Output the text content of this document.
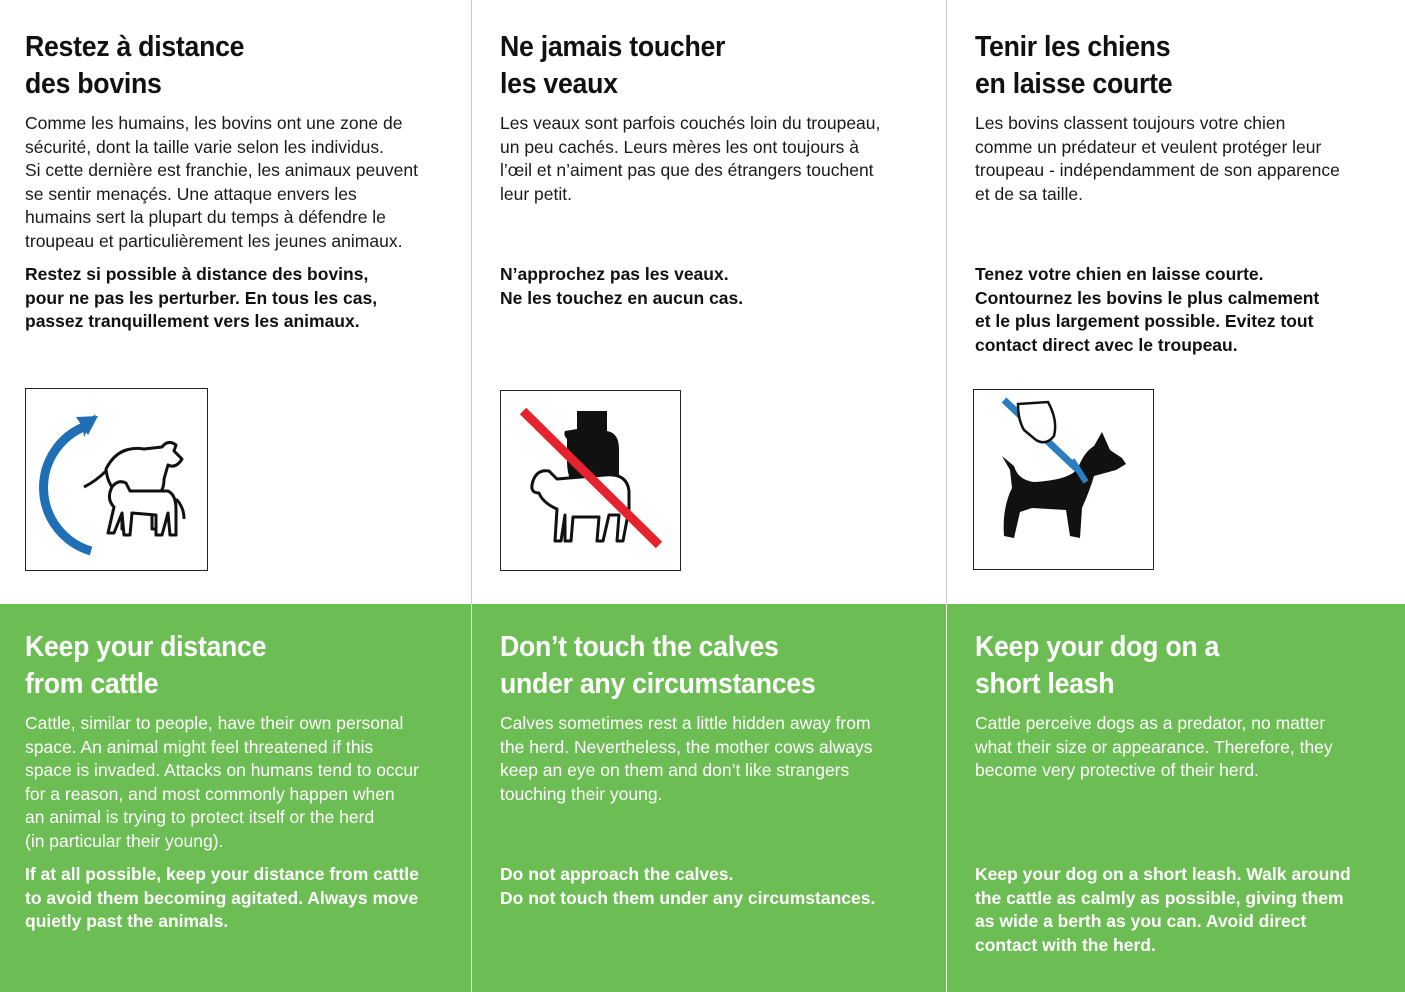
Restez à distance
des bovins
Comme les humains, les bovins ont une zone de
sécurité, dont la taille varie selon les individus.
Si cette dernière est franchie, les animaux peuvent
se sentir menaçés. Une attaque envers les
humains sert la plupart du temps à défendre le
troupeau et particulièrement les jeunes animaux.
Restez si possible à distance des bovins,
pour ne pas les perturber. En tous les cas,
passez tranquillement vers les animaux.
Ne jamais toucher
les veaux
Les veaux sont parfois couchés loin du troupeau,
un peu cachés. Leurs mères les ont toujours à
l’œil et n’aiment pas que des étrangers touchent
leur petit.
N’approchez pas les veaux.
Ne les touchez en aucun cas.
Tenir les chiens
en laisse courte
Les bovins classent toujours votre chien
comme un prédateur et veulent protéger leur
troupeau - indépendamment de son apparence
et de sa taille.
Tenez votre chien en laisse courte.
Contournez les bovins le plus calmement
et le plus largement possible. Evitez tout
contact direct avec le troupeau.
Keep your distance
from cattle
Cattle, similar to people, have their own personal
space. An animal might feel threatened if this
space is invaded. Attacks on humans tend to occur
for a reason, and most commonly happen when
an animal is trying to protect itself or the herd
(in particular their young).
If at all possible, keep your distance from cattle
to avoid them becoming agitated. Always move
quietly past the animals.
Don’t touch the calves
under any circumstances
Calves sometimes rest a little hidden away from
the herd. Nevertheless, the mother cows always
keep an eye on them and don’t like strangers
touching their young.
Do not approach the calves.
Do not touch them under any circumstances.
Keep your dog on a
short leash
Cattle perceive dogs as a predator, no matter
what their size or appearance. Therefore, they
become very protective of their herd.
Keep your dog on a short leash. Walk around
the cattle as calmly as possible, giving them
as wide a berth as you can. Avoid direct
contact with the herd.
